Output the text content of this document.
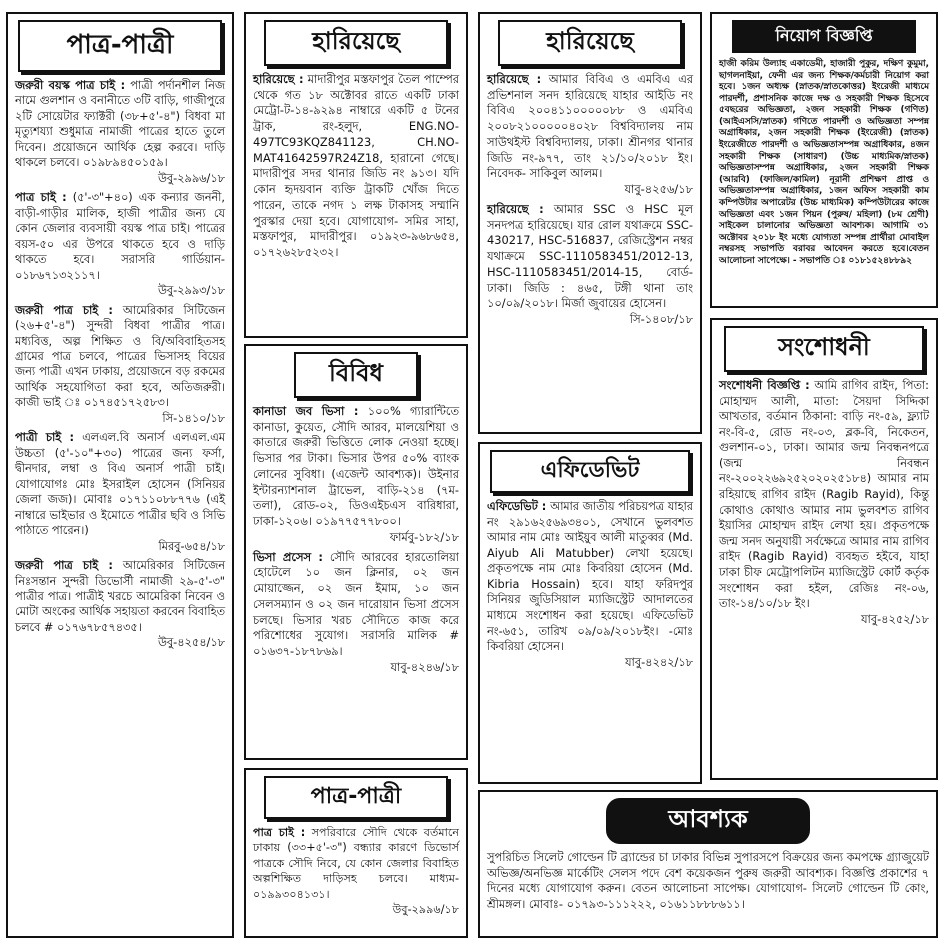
পাত্র-পাত্রী
জরুরী বয়স্ক পাত্র চাই : পাত্রী পর্দানশীল নিজ নামে গুলশান ও বনানীতে ৩টি বাড়ি, গাজীপুরে ২টি সোয়েটার ফ্যাক্টরী (৩৮+৫'-৪") বিধবা মা মৃত্যুশয্যা শুধুমাত্র নামাজী পাত্রের হাতে তুলে দিবেন। প্রয়োজনে আর্থিক হেল্প করবে। দাড়ি থাকলে চলবে। ০১৯৮৯৪৫০১৫৯।
উবু-২৯৯৬/১৮
পাত্র চাই : (৫'-৩"+৪০) এক কন্যার জননী, বাড়ী-গাড়ীর মালিক, হাজী পাত্রীর জন্য যে কোন জেলার ব্যবসায়ী বয়স্ক পাত্র চাই। পাত্রের বয়স-৫০ এর উপরে থাকতে হবে ও দাড়ি থাকতে হবে। সরাসরি গার্ডিয়ান- ০১৮৬৭১৩২১১৭।
উবু-২৯৯৩/১৮
জরুরী পাত্র চাই : আমেরিকার সিটিজেন (২৬+৫'-৪") সুন্দরী বিধবা পাত্রীর পাত্র। মধ্যবিত্ত, অল্প শিক্ষিত ও বি/অবিবাহিতসহ গ্রামের পাত্র চলবে, পাত্রের ভিসাসহ বিয়ের জন্য পাত্রী এখন ঢাকায়, প্রয়োজনে বড় রকমের আর্থিক সহযোগিতা করা হবে, অতিজরুরী। কাজী ভাই ঃ ০১৭৪৫১৭২৫৮৩।
সি-১৪১০/১৮
পাত্রী চাই : এলএল.বি অনার্স এলএল.এম উচ্চতা (৫'-১০"+৩০) পাত্রের জন্য ফর্সা, দ্বীনদার, লম্বা ও বিএ অনার্স পাত্রী চাই। যোগাযোগঃ মোঃ ইসরাইল হোসেন (সিনিয়র জেলা জজ)। মোবাঃ ০১৭১১০৮৮৭৭৬ (এই নাম্বারে ভাইভার ও ইমোতে পাত্রীর ছবি ও সিভি পাঠাতে পারেন।)
মিরবু-৬৫৪/১৮
জরুরী পাত্র চাই : আমেরিকার সিটিজেন নিঃসন্তান সুন্দরী ডিভোর্সী নামাজী ২৯-৫'-৩" পাত্রীর পাত্র। পাত্রীই খরচে আমেরিকা নিবেন ও মোটা অংকের আর্থিক সহায়তা করবেন বিবাহিত চলবে # ০১৭৬৭৮৫৭৪৩৫।
উবু-৪২৫৪/১৮
হারিয়েছে
হারিয়েছে : মাদারীপুর মস্তফাপুর তৈল পাম্পের থেকে গত ১৮ অক্টোবর রাতে একটি ঢাকা মেট্রো-ট-১৪-৯২৯৪ নাম্বারে একটি ৫ টনের ট্রাক, রং-হলুদ, ENG.NO-497TC93KQZ841123, CH.NO-MAT41642597R24Z18, হারানো গেছে। মাদারীপুর সদর থানার জিডি নং ৯১৩। যদি কোন হৃদয়বান ব্যক্তি ট্রাকটি খোঁজ দিতে পারেন, তাকে নগদ ১ লক্ষ টাকাসহ সম্মানি পুরস্কার দেয়া হবে। যোগাযোগ- সমির সাহা, মস্তফাপুর, মাদারীপুর। ০১৯২৩-৯৬৮৬৫৪, ০১৭২৬২৮৫২৩২।
বিবিধ
কানাডা জব ভিসা : ১০০% গ্যারান্টিতে কানাডা, কুয়েত, সৌদি আরব, মালয়েশিয়া ও কাতারে জরুরী ভিত্তিতে লোক নেওয়া হচ্ছে। ভিসার পর টাকা। ভিসার উপর ৫০% ব্যাংক লোনের সুবিধা। (এজেন্ট আবশ্যক)। উইনার ইন্টারন্যাশনাল ট্রাভেল, বাড়ি-২১৪ (৭ম-তলা), রোড-০২, ডিওএইচএস বারিধারা, ঢাকা-১২০৬। ০১৯৭৭৫৭৭৮০০।
ফার্মবু-১৮২/১৮
ভিসা প্রসেস : সৌদি আরবের হারতোলিয়া হোটেলে ১০ জন ক্লিনার, ০২ জন মোয়াজ্জেন, ০২ জন ইমাম, ১০ জন সেলসম্যান ও ০২ জন দারোয়ান ভিসা প্রসেস চলছে। ভিসার খরচ সৌদিতে কাজ করে পরিশোধের সুযোগ। সরাসরি মালিক # ০১৬৩৭-১৮৭৮৬৯।
যাবু-৪২৪৬/১৮
পাত্র-পাত্রী
পাত্র চাই : সপরিবারে সৌদি থেকে বর্তমানে ঢাকায় (৩৩+৫'-৩") বন্ধ্যার কারণে ডিভোর্স পাত্রকে সৌদি নিবে, যে কোন জেলার বিবাহিত অল্পশিক্ষিত দাড়িসহ চলবে। মাধ্যম- ০১৯৯৩০৪১৩১।
উবু-২৯৯৬/১৮
হারিয়েছে
হারিয়েছে : আমার বিবিএ ও এমবিএ এর প্রভিশনাল সনদ হারিয়েছে যাহার আইডি নং বিবিএ ২০০৪১১০০০০০৮৮ ও এমবিএ ২০০৮২১০০০০০৪০২৮ বিশ্ববিদ্যালয় নাম সাউথইস্ট বিশ্ববিদ্যালয়, ঢাকা। শ্রীনগর থানার জিডি নং-৯৭৭, তাং ২১/১০/২০১৮ ইং। নিবেদক- সাকিবুল আলম।
যাবু-৪২৫৬/১৮
হারিয়েছে : আমার SSC ও HSC মূল সনদপত্র হারিয়েছে। যার রোল যথাক্রমে SSC-430217, HSC-516837, রেজিস্ট্রেশন নম্বর যথাক্রমে SSC-1110583451/2012-13, HSC-1110583451/2014-15, বোর্ড-ঢাকা। জিডি : ৪৬৫, টঙ্গী থানা তাং ১০/০৯/২০১৮। মির্জা জুবায়ের হোসেন।
সি-১৪০৮/১৮
এফিডেভিট
এফিডেভিট : আমার জাতীয় পরিচয়পত্র যাহার নং ২৯১৬২৫৬৯৩৪০১, সেখানে ভুলবশত আমার নাম মোঃ আইয়ুব আলী মাতুব্বর (Md. Aiyub Ali Matubber) লেখা হয়েছে। প্রকৃতপক্ষে নাম মোঃ কিবরিয়া হোসেন (Md. Kibria Hossain) হবে। যাহা ফরিদপুর সিনিয়র জুডিসিয়াল ম্যাজিস্ট্রেট আদালতের মাধ্যমে সংশোধন করা হয়েছে। এফিডেভিট নং-৬৫১, তারিখ ০৯/০৯/২০১৮ইং। -মোঃ কিবরিয়া হোসেন।
যাবু-৪২৪২/১৮
নিয়োগ বিজ্ঞপ্তি
হাজী করিম উল্যাহ একাডেমী, হাজারী পুকুর, দক্ষিণ কুমুমা, ছাগলনাইয়া, ফেনী এর জন্য শিক্ষক/কর্মচারী নিয়োগ করা হবে। ১জন অধ্যক্ষ (স্নাতক/স্নাতকোত্তর) ইংরেজী মাধ্যমে পারদর্শী, প্রশাসনিক কাজে দক্ষ ও সহকারী শিক্ষক হিসেবে ৫বছরের অভিজ্ঞতা, ২জন সহকারী শিক্ষক (গণিত) (আইএসসি/স্নাতক) গণিতে পারদর্শী ও অভিজ্ঞতা সম্পন্ন অগ্রাধিকার, ২জন সহকারী শিক্ষক (ইংরেজী) (স্নাতক) ইংরেজীতে পারদর্শী ও অভিজ্ঞতাসম্পন্ন অগ্রাধিকার, ৪জন সহকারী শিক্ষক (সাধারণ) (উচ্চ মাধ্যমিক/স্নাতক) অভিজ্ঞতাসম্পন্ন অগ্রাধিকার, ২জন সহকারী শিক্ষক (আরবি) (ফাজিল/কামিল) নূরানী প্রশিক্ষণ প্রাপ্ত ও অভিজ্ঞতাসম্পন্ন অগ্রাধিকার, ১জন অফিস সহকারী কাম কম্পিউটার অপারেটর (উচ্চ মাধ্যমিক) কম্পিউটারের কাজে অভিজ্ঞতা এবং ১জন পিয়ন (পুরুষ/ মহিলা) (৮ম শ্রেণী) সাইকেল চালানোর অভিজ্ঞতা আবশ্যক। আগামি ৩১ অক্টোবর ২০১৮ ইং মধ্যে যোগ্যতা সম্পন্ন প্রার্থীরা মোবাইল নম্বরসহ সভাপতি বরাবর আবেদন করতে হবে।বেতন আলোচনা সাপেক্ষে। - সভাপতি ঃ ০১৮১৫২৪৮৮৯২
সংশোধনী
সংশোধনী বিজ্ঞপ্তি : আমি রাগিব রাইদ, পিতা: মোহাম্মদ আলী, মাতা: সৈয়দা সিদ্দিকা আখতার, বর্তমান ঠিকানা: বাড়ি নং-৫৯, ফ্ল্যাট নং-বি-৫, রোড নং-০৩, ব্লক-বি, নিকেতন, গুলশান-০১, ঢাকা। আমার জন্ম নিবন্ধনপত্রে (জন্ম নিবন্ধন নং-২০০২২৬৯২৫২০২০২৫১৮৪) আমার নাম রহিয়াছে রাগিব রাইদ (Ragib Rayid), কিন্তু কোথাও কোথাও আমার নাম ভুলবশত রাগিব ইয়াসির মোহাম্মদ রাইদ লেখা হয়। প্রকৃতপক্ষে জন্ম সনদ অনুযায়ী সর্বক্ষেত্রে আমার নাম রাগিব রাইদ (Ragib Rayid) ব্যবহৃত হইবে, যাহা ঢাকা চীফ মেট্রোপলিটন ম্যাজিস্ট্রেট কোর্ট কর্তৃক সংশোধন করা হইল, রেজিঃ নং-০৬, তাং-১৪/১০/১৮ ইং।
যাবু-৪২৫২/১৮
আবশ্যক
সুপরিচিত সিলেট গোল্ডেন টি ব্র্যান্ডের চা ঢাকার বিভিন্ন সুপারসপে বিক্রয়ের জন্য কমপক্ষে গ্র্যাজুয়েট অভিজ্ঞ/অনভিজ্ঞ মার্কেটিং সেলস পদে বেশ কয়েকজন পুরুষ জরুরী আবশ্যক। বিজ্ঞপ্তি প্রকাশের ৭ দিনের মধ্যে যোগাযোগ করুন। বেতন আলোচনা সাপেক্ষ। যোগাযোগ- সিলেট গোল্ডেন টি কোং, শ্রীমঙ্গল। মোবাঃ- ০১৭৯৩-১১১২২২, ০১৬১১৮৮৮৬১১।
